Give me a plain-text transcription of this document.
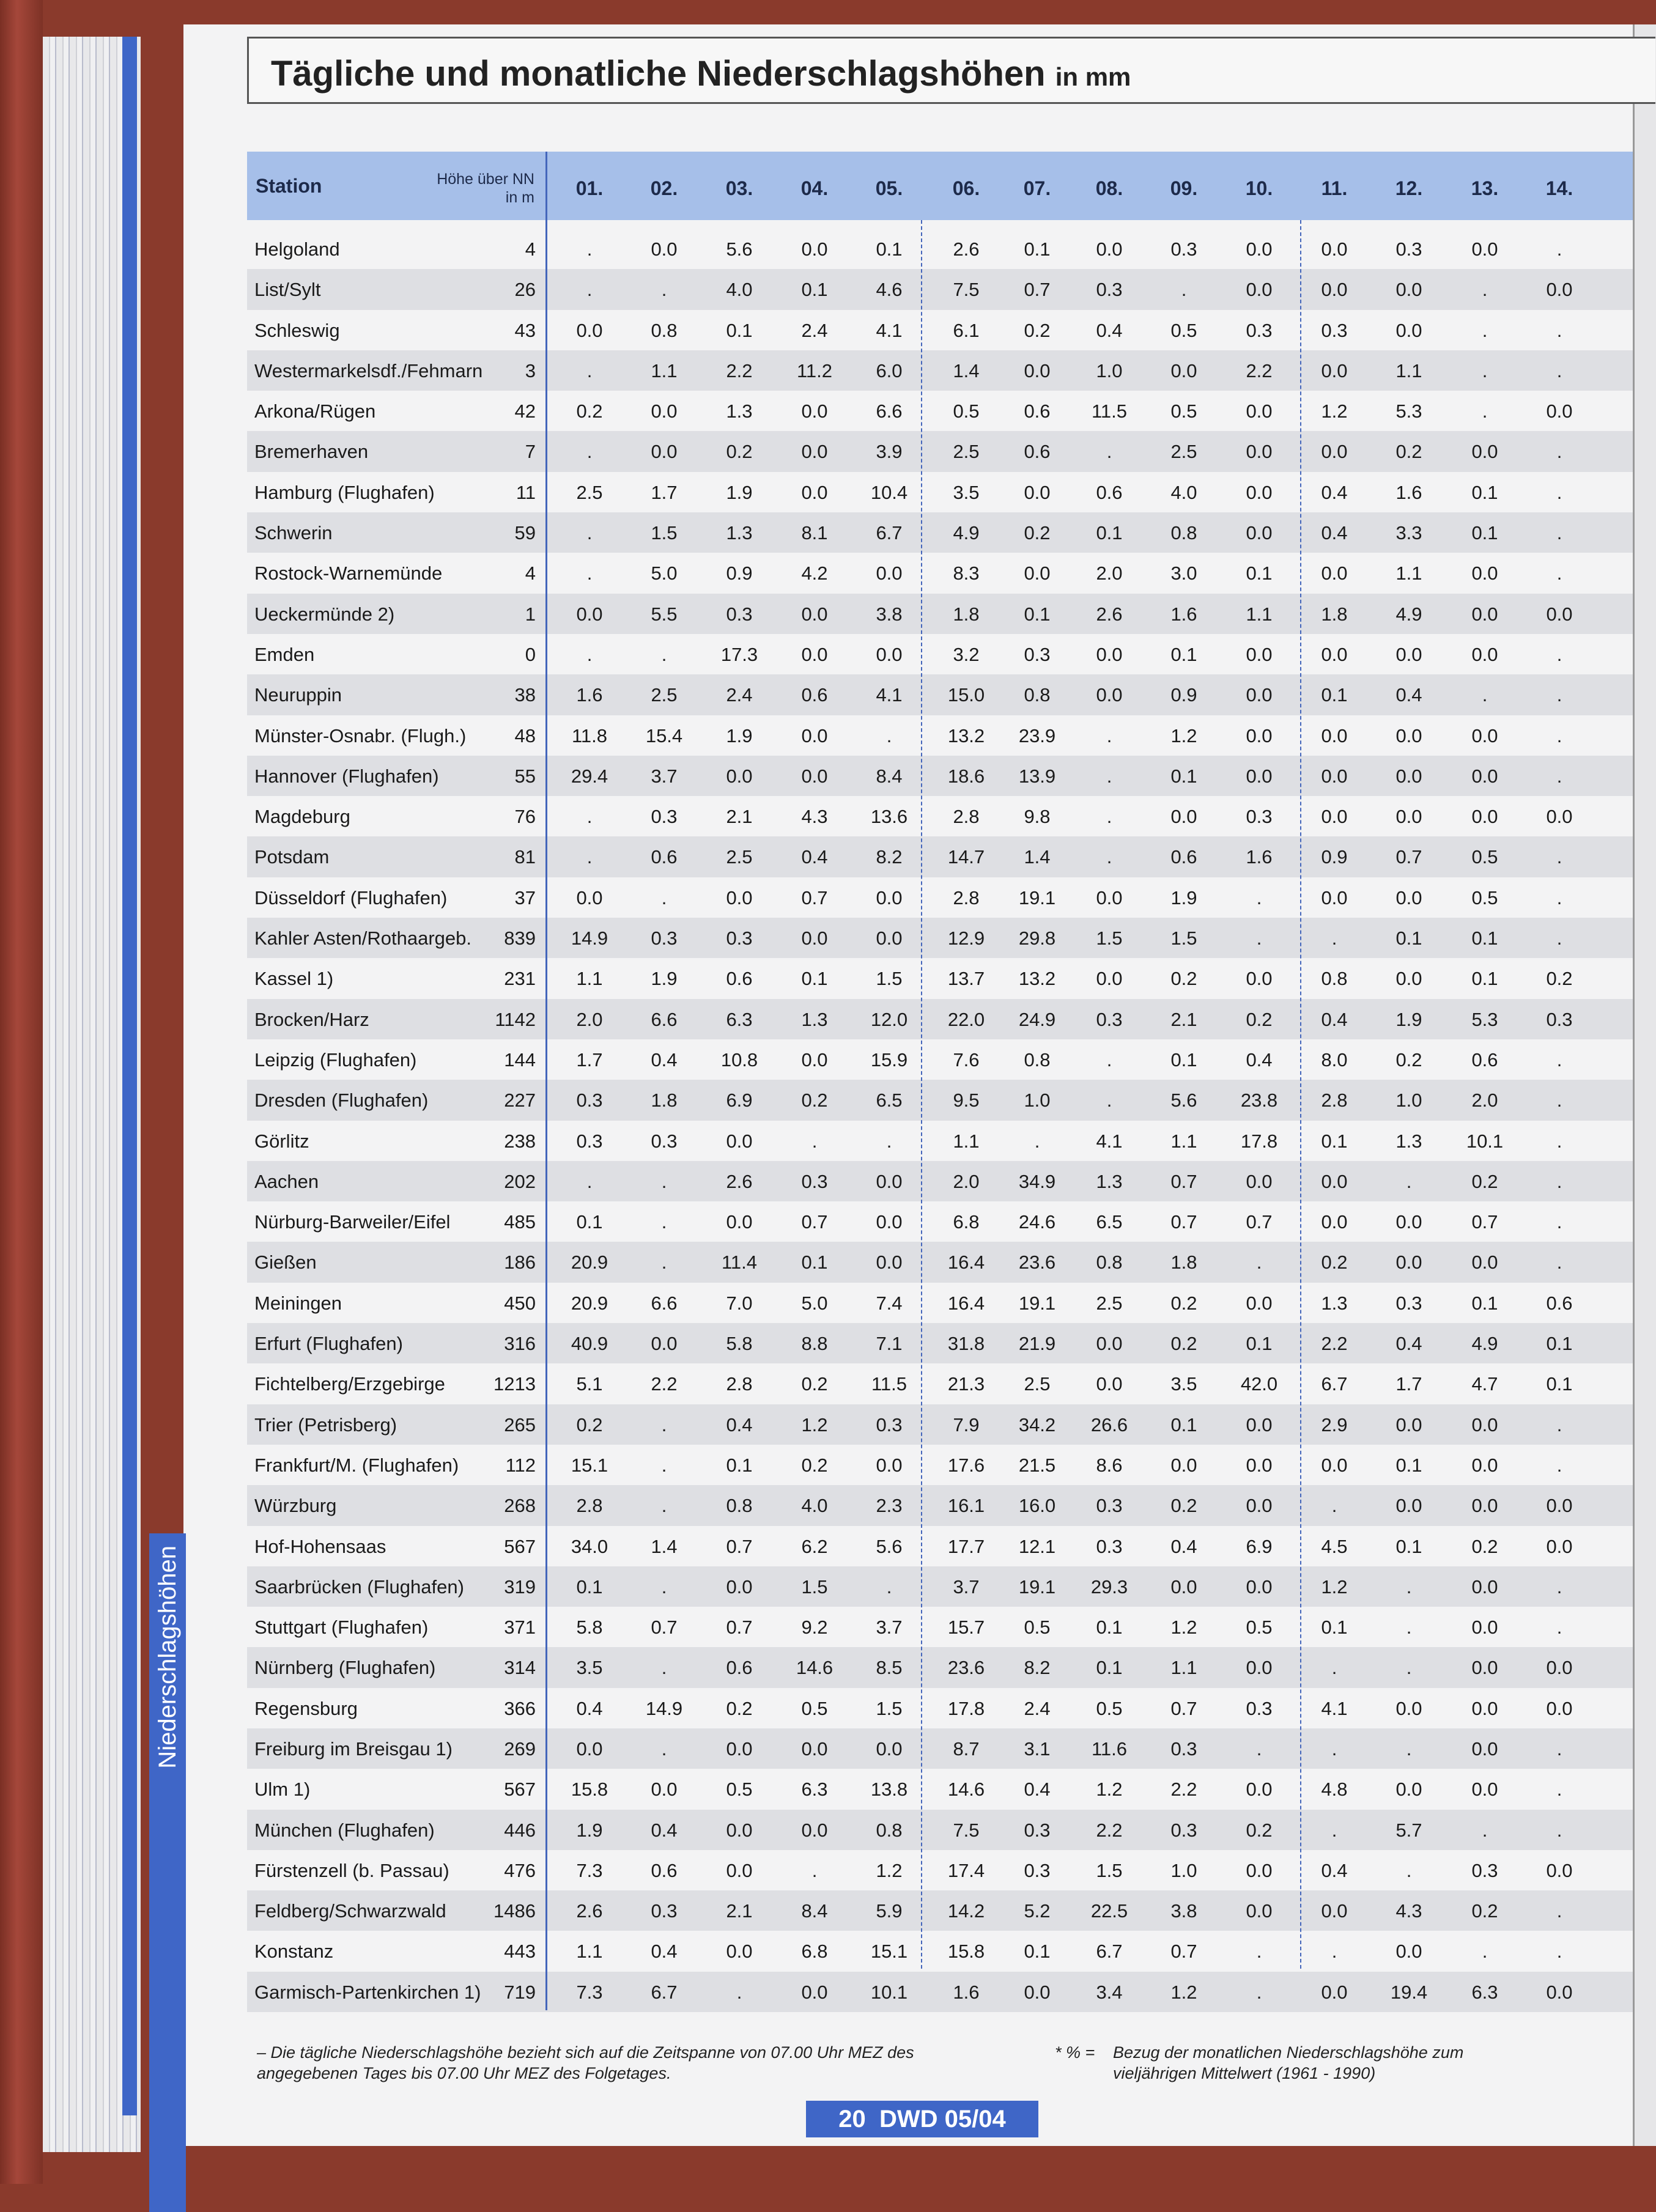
Niederschlagshöhen
Tägliche und monatliche Niederschlagshöhen in mm
Station	Höhe über NN in m	01.	02.	03.	04.	05.	06.	07.	08.	09.	10.	11.	12.	13.	14.
Helgoland	4	.	0.0	5.6	0.0	0.1	2.6	0.1	0.0	0.3	0.0	0.0	0.3	0.0	.
List/Sylt	26	.	.	4.0	0.1	4.6	7.5	0.7	0.3	.	0.0	0.0	0.0	.	0.0
Schleswig	43	0.0	0.8	0.1	2.4	4.1	6.1	0.2	0.4	0.5	0.3	0.3	0.0	.	.
Westermarkelsdf./Fehmarn	3	.	1.1	2.2	11.2	6.0	1.4	0.0	1.0	0.0	2.2	0.0	1.1	.	.
Arkona/Rügen	42	0.2	0.0	1.3	0.0	6.6	0.5	0.6	11.5	0.5	0.0	1.2	5.3	.	0.0
Bremerhaven	7	.	0.0	0.2	0.0	3.9	2.5	0.6	.	2.5	0.0	0.0	0.2	0.0	.
Hamburg (Flughafen)	11	2.5	1.7	1.9	0.0	10.4	3.5	0.0	0.6	4.0	0.0	0.4	1.6	0.1	.
Schwerin	59	.	1.5	1.3	8.1	6.7	4.9	0.2	0.1	0.8	0.0	0.4	3.3	0.1	.
Rostock-Warnemünde	4	.	5.0	0.9	4.2	0.0	8.3	0.0	2.0	3.0	0.1	0.0	1.1	0.0	.
Ueckermünde 2)	1	0.0	5.5	0.3	0.0	3.8	1.8	0.1	2.6	1.6	1.1	1.8	4.9	0.0	0.0
Emden	0	.	.	17.3	0.0	0.0	3.2	0.3	0.0	0.1	0.0	0.0	0.0	0.0	.
Neuruppin	38	1.6	2.5	2.4	0.6	4.1	15.0	0.8	0.0	0.9	0.0	0.1	0.4	.	.
Münster-Osnabr. (Flugh.)	48	11.8	15.4	1.9	0.0	.	13.2	23.9	.	1.2	0.0	0.0	0.0	0.0	.
Hannover (Flughafen)	55	29.4	3.7	0.0	0.0	8.4	18.6	13.9	.	0.1	0.0	0.0	0.0	0.0	.
Magdeburg	76	.	0.3	2.1	4.3	13.6	2.8	9.8	.	0.0	0.3	0.0	0.0	0.0	0.0
Potsdam	81	.	0.6	2.5	0.4	8.2	14.7	1.4	.	0.6	1.6	0.9	0.7	0.5	.
Düsseldorf (Flughafen)	37	0.0	.	0.0	0.7	0.0	2.8	19.1	0.0	1.9	.	0.0	0.0	0.5	.
Kahler Asten/Rothaargeb.	839	14.9	0.3	0.3	0.0	0.0	12.9	29.8	1.5	1.5	.	.	0.1	0.1	.
Kassel 1)	231	1.1	1.9	0.6	0.1	1.5	13.7	13.2	0.0	0.2	0.0	0.8	0.0	0.1	0.2
Brocken/Harz	1142	2.0	6.6	6.3	1.3	12.0	22.0	24.9	0.3	2.1	0.2	0.4	1.9	5.3	0.3
Leipzig (Flughafen)	144	1.7	0.4	10.8	0.0	15.9	7.6	0.8	.	0.1	0.4	8.0	0.2	0.6	.
Dresden (Flughafen)	227	0.3	1.8	6.9	0.2	6.5	9.5	1.0	.	5.6	23.8	2.8	1.0	2.0	.
Görlitz	238	0.3	0.3	0.0	.	.	1.1	.	4.1	1.1	17.8	0.1	1.3	10.1	.
Aachen	202	.	.	2.6	0.3	0.0	2.0	34.9	1.3	0.7	0.0	0.0	.	0.2	.
Nürburg-Barweiler/Eifel	485	0.1	.	0.0	0.7	0.0	6.8	24.6	6.5	0.7	0.7	0.0	0.0	0.7	.
Gießen	186	20.9	.	11.4	0.1	0.0	16.4	23.6	0.8	1.8	.	0.2	0.0	0.0	.
Meiningen	450	20.9	6.6	7.0	5.0	7.4	16.4	19.1	2.5	0.2	0.0	1.3	0.3	0.1	0.6
Erfurt (Flughafen)	316	40.9	0.0	5.8	8.8	7.1	31.8	21.9	0.0	0.2	0.1	2.2	0.4	4.9	0.1
Fichtelberg/Erzgebirge	1213	5.1	2.2	2.8	0.2	11.5	21.3	2.5	0.0	3.5	42.0	6.7	1.7	4.7	0.1
Trier (Petrisberg)	265	0.2	.	0.4	1.2	0.3	7.9	34.2	26.6	0.1	0.0	2.9	0.0	0.0	.
Frankfurt/M. (Flughafen)	112	15.1	.	0.1	0.2	0.0	17.6	21.5	8.6	0.0	0.0	0.0	0.1	0.0	.
Würzburg	268	2.8	.	0.8	4.0	2.3	16.1	16.0	0.3	0.2	0.0	.	0.0	0.0	0.0
Hof-Hohensaas	567	34.0	1.4	0.7	6.2	5.6	17.7	12.1	0.3	0.4	6.9	4.5	0.1	0.2	0.0
Saarbrücken (Flughafen)	319	0.1	.	0.0	1.5	.	3.7	19.1	29.3	0.0	0.0	1.2	.	0.0	.
Stuttgart (Flughafen)	371	5.8	0.7	0.7	9.2	3.7	15.7	0.5	0.1	1.2	0.5	0.1	.	0.0	.
Nürnberg (Flughafen)	314	3.5	.	0.6	14.6	8.5	23.6	8.2	0.1	1.1	0.0	.	.	0.0	0.0
Regensburg	366	0.4	14.9	0.2	0.5	1.5	17.8	2.4	0.5	0.7	0.3	4.1	0.0	0.0	0.0
Freiburg im Breisgau 1)	269	0.0	.	0.0	0.0	0.0	8.7	3.1	11.6	0.3	.	.	.	0.0	.
Ulm 1)	567	15.8	0.0	0.5	6.3	13.8	14.6	0.4	1.2	2.2	0.0	4.8	0.0	0.0	.
München (Flughafen)	446	1.9	0.4	0.0	0.0	0.8	7.5	0.3	2.2	0.3	0.2	.	5.7	.	.
Fürstenzell (b. Passau)	476	7.3	0.6	0.0	.	1.2	17.4	0.3	1.5	1.0	0.0	0.4	.	0.3	0.0
Feldberg/Schwarzwald	1486	2.6	0.3	2.1	8.4	5.9	14.2	5.2	22.5	3.8	0.0	0.0	4.3	0.2	.
Konstanz	443	1.1	0.4	0.0	6.8	15.1	15.8	0.1	6.7	0.7	.	.	0.0	.	.
Garmisch-Partenkirchen 1)	719	7.3	6.7	.	0.0	10.1	1.6	0.0	3.4	1.2	.	0.0	19.4	6.3	0.0
– Die tägliche Niederschlagshöhe bezieht sich auf die Zeitspanne von 07.00 Uhr MEZ des angegebenen Tages bis 07.00 Uhr MEZ des Folgetages.
* % =	Bezug der monatlichen Niederschlagshöhe zum vieljährigen Mittelwert (1961 - 1990)
20 DWD 05/04
